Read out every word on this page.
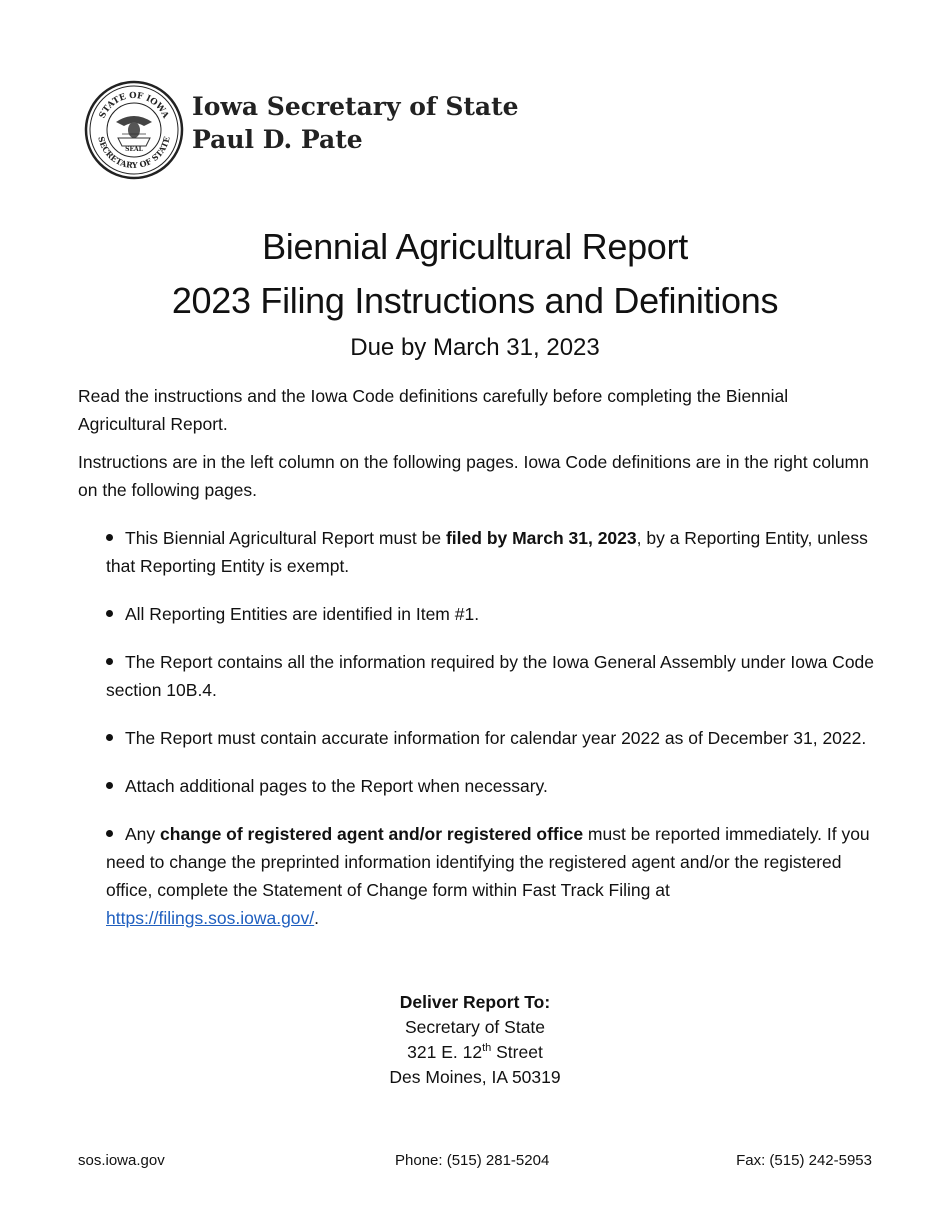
STATE OF IOWA
SECRETARY OF STATE
SEAL
Iowa Secretary of State
Paul D. Pate
Biennial Agricultural Report
2023 Filing Instructions and Definitions
Due by March 31, 2023

Read the instructions and the Iowa Code definitions carefully before completing the Biennial Agricultural Report.

Instructions are in the left column on the following pages. Iowa Code definitions are in the right column on the following pages.

This Biennial Agricultural Report must be filed by March 31, 2023, by a Reporting Entity, unless that Reporting Entity is exempt.
All Reporting Entities are identified in Item #1.
The Report contains all the information required by the Iowa General Assembly under Iowa Code section 10B.4.
The Report must contain accurate information for calendar year 2022 as of December 31, 2022.
Attach additional pages to the Report when necessary.
Any change of registered agent and/or registered office must be reported immediately. If you need to change the preprinted information identifying the registered agent and/or the registered office, complete the Statement of Change form within Fast Track Filing at https://filings.sos.iowa.gov/.
Deliver Report To:
Secretary of State
321 E. 12th Street
Des Moines, IA 50319
sos.iowa.gov	Phone: (515) 281-5204	Fax: (515) 242-5953
